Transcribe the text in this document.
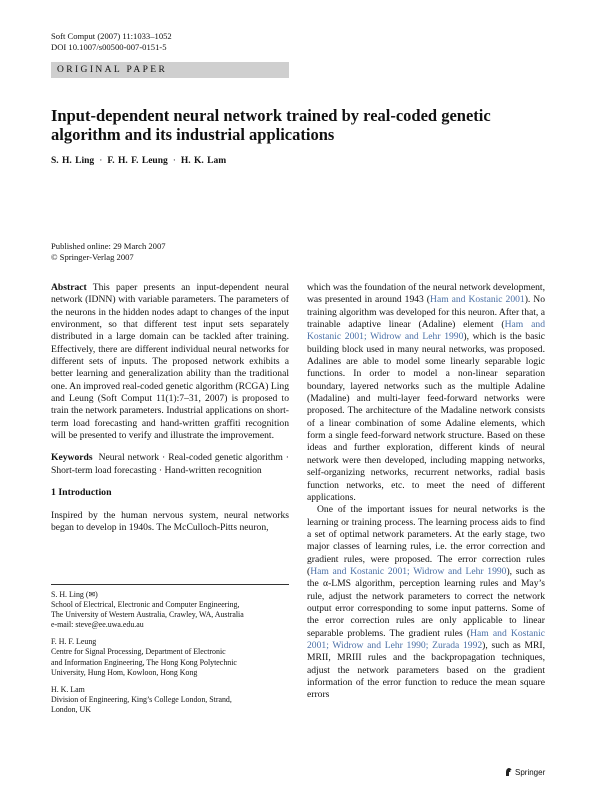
Soft Comput (2007) 11:1033–1052
DOI 10.1007/s00500-007-0151-5
ORIGINAL PAPER
Input-dependent neural network trained by real-coded genetic algorithm and its industrial applications
S. H. Ling · F. H. F. Leung · H. K. Lam
Published online: 29 March 2007
© Springer-Verlag 2007

Abstract This paper presents an input-dependent neural network (IDNN) with variable parameters. The parameters of the neurons in the hidden nodes adapt to changes of the input environment, so that different test input sets separately distributed in a large domain can be tackled after training. Effectively, there are different individual neural networks for different sets of inputs. The proposed network exhibits a better learning and generalization ability than the traditional one. An improved real-coded genetic algorithm (RCGA) Ling and Leung (Soft Comput 11(1):7–31, 2007) is proposed to train the network parameters. Industrial applications on short-term load forecasting and hand-written graffiti recognition will be presented to verify and illustrate the improvement.

Keywords Neural network · Real-coded genetic algorithm · Short-term load forecasting · Hand-written recognition

1 Introduction

Inspired by the human nervous system, neural networks began to develop in 1940s. The McCulloch-Pitts neuron,

S. H. Ling (✉)
School of Electrical, Electronic and Computer Engineering,
The University of Western Australia, Crawley, WA, Australia
e-mail: steve@ee.uwa.edu.au
F. H. F. Leung
Centre for Signal Processing, Department of Electronic
and Information Engineering, The Hong Kong Polytechnic
University, Hung Hom, Kowloon, Hong Kong
H. K. Lam
Division of Engineering, King’s College London, Strand,
London, UK

which was the foundation of the neural network development, was presented in around 1943 (Ham and Kostanic 2001). No training algorithm was developed for this neuron. After that, a trainable adaptive linear (Adaline) element (Ham and Kostanic 2001; Widrow and Lehr 1990), which is the basic building block used in many neural networks, was proposed. Adalines are able to model some linearly separable logic functions. In order to model a non-linear separation boundary, layered networks such as the multiple Adaline (Madaline) and multi-layer feed-forward networks were proposed. The architecture of the Madaline network consists of a linear combination of some Adaline elements, which form a single feed-forward network structure. Based on these ideas and further exploration, different kinds of neural network were then developed, including mapping networks, self-organizing networks, recurrent networks, radial basis function networks, etc. to meet the need of different applications.

One of the important issues for neural networks is the learning or training process. The learning process aids to find a set of optimal network parameters. At the early stage, two major classes of learning rules, i.e. the error correction and gradient rules, were proposed. The error correction rules (Ham and Kostanic 2001; Widrow and Lehr 1990), such as the α-LMS algorithm, perception learning rules and May’s rule, adjust the network parameters to correct the network output error corresponding to some input patterns. Some of the error correction rules are only applicable to linear separable problems. The gradient rules (Ham and Kostanic 2001; Widrow and Lehr 1990; Zurada 1992), such as MRI, MRII, MRIII rules and the backpropagation techniques, adjust the network parameters based on the gradient information of the error function to reduce the mean square errors

Springer
